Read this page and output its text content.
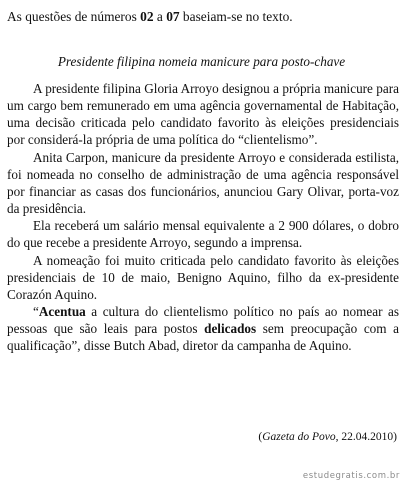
As questões de números 02 a 07 baseiam-se no texto.
Presidente filipina nomeia manicure para posto-chave

A presidente filipina Gloria Arroyo designou a própria manicure para um cargo bem remunerado em uma agência governamental de Habitação, uma decisão criticada pelo candidato favorito às eleições presidenciais por considerá-la própria de uma política do “clientelismo”.

Anita Carpon, manicure da presidente Arroyo e considerada estilista, foi nomeada no conselho de administração de uma agência responsável por financiar as casas dos funcionários, anunciou Gary Olivar, porta-voz da presidência.

Ela receberá um salário mensal equivalente a 2 900 dólares, o dobro do que recebe a presidente Arroyo, segundo a imprensa.

A nomeação foi muito criticada pelo candidato favorito às eleições presidenciais de 10 de maio, Benigno Aquino, filho da ex-presidente Corazón Aquino.

“Acentua a cultura do clientelismo político no país ao nomear as pessoas que são leais para postos delicados sem preocupação com a qualificação”, disse Butch Abad, diretor da campanha de Aquino.

(Gazeta do Povo, 22.04.2010)
estudegratis.com.br
